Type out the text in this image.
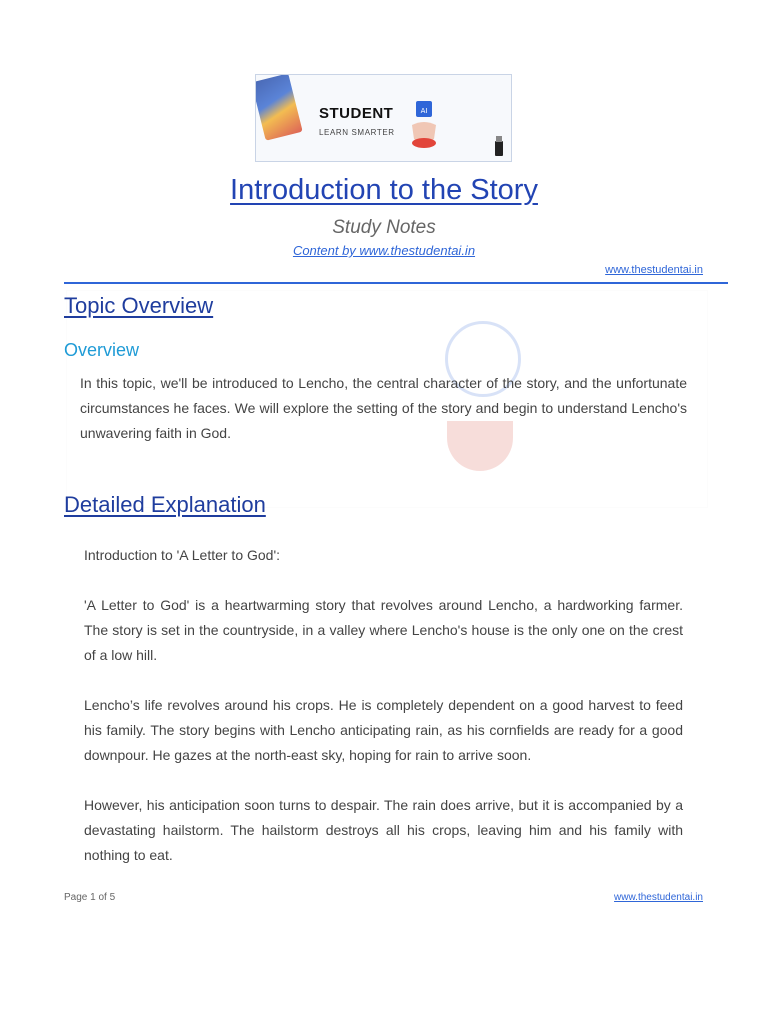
STUDENT
LEARN SMARTER
AI
Introduction to the Story
Study Notes
Content by www.thestudentai.in
www.thestudentai.in
Topic Overview
Overview
In this topic, we'll be introduced to Lencho, the central character of the story, and the unfortunate circumstances he faces. We will explore the setting of the story and begin to understand Lencho's unwavering faith in God.
Detailed Explanation
Introduction to 'A Letter to God':
'A Letter to God' is a heartwarming story that revolves around Lencho, a hardworking farmer. The story is set in the countryside, in a valley where Lencho's house is the only one on the crest of a low hill.
Lencho’s life revolves around his crops. He is completely dependent on a good harvest to feed his family. The story begins with Lencho anticipating rain, as his cornfields are ready for a good downpour. He gazes at the north-east sky, hoping for rain to arrive soon.
However, his anticipation soon turns to despair. The rain does arrive, but it is accompanied by a devastating hailstorm. The hailstorm destroys all his crops, leaving him and his family with nothing to eat.
Page 1 of 5	www.thestudentai.in
